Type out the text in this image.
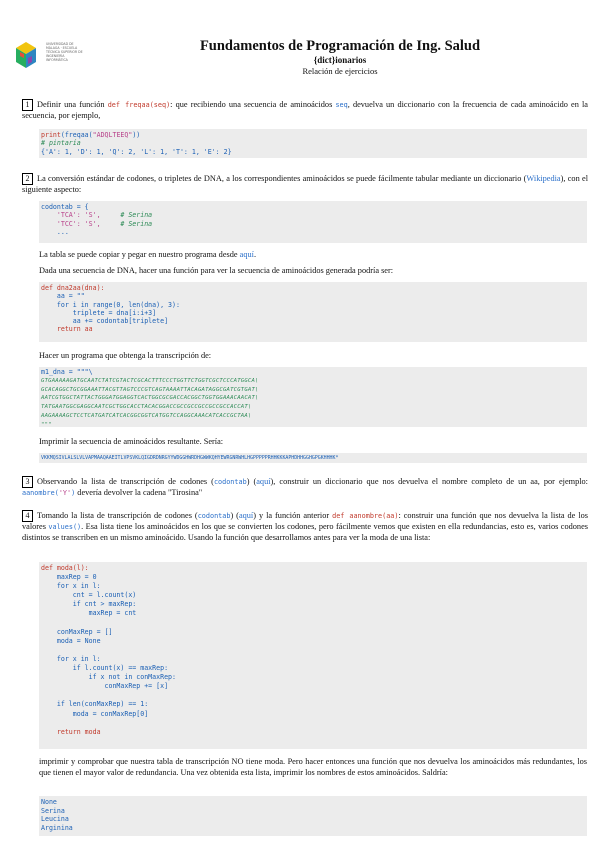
UNIVERSIDAD DE MÁLAGA · ESCUELA TÉCNICA SUPERIOR DE INGENIERÍA INFORMÁTICA
Fundamentos de Programación de Ing. Salud
{dict}ionarios
Relación de ejercicios
1 Definir una función def freqaa(seq): que recibiendo una secuencia de aminoácidos seq, devuelva un diccionario con la frecuencia de cada aminoácido en la secuencia, por ejemplo,
print(freqaa("ADQLTEEQ"))
# pintaría
{'A': 1, 'D': 1, 'Q': 2, 'L': 1, 'T': 1, 'E': 2}
2 La conversión estándar de codones, o tripletes de DNA, a los correspondientes aminoácidos se puede fácilmente tabular mediante un diccionario (Wikipedia), con el siguiente aspecto:
codontab = {
'TCA': 'S',     # Serina
'TCC': 'S',     # Serina
...
La tabla se puede copiar y pegar en nuestro programa desde aquí.
Dada una secuencia de DNA, hacer una función para ver la secuencia de aminoácidos generada podría ser:
def dna2aa(dna):
aa = ""
for i in range(0, len(dna), 3):
triplete = dna[i:i+3]
aa += codontab[triplete]
return aa
Hacer un programa que obtenga la transcripción de:
m1_dna = """\
GTGAAAAAGATGCAATCTATCGTACTCGCACTTTCCCTGGTTCTGGTCGCTCCCATGGCA\
GCACAGGCTGCGGAAATTACGTTAGTCCCGTCAGTAAAATTACAGATAGGCGATCGTGAT\
AATCGTGGCTATTACTGGGATGGAGGTCACTGGCGCGACCACGGCTGGTGGAAACAACAT\
TATGAATGGCGAGGCAATCGCTGGCACCTACACGGACCGCCGCCGCCGCCGCCACCAT\
AAGAAAAGCTCCTCATGATCATCACGGCGGTCATGGTCCAGGCAAACATCACCGCTAA\
"""
Imprimir la secuencia de aminoácidos resultante. Sería:
VKKMQSIVLALSLVLVAPMAAQAAEITLVPSVKLQIGDRDNRGYYWDGGHWRDHGWWKQHYEWRGNRWHLHGPPPPPRHHKKKAPHDHHGGHGPGKHHHK*
3 Observando la lista de transcripción de codones (codontab) (aquí), construir un diccionario que nos devuelva el nombre completo de un aa, por ejemplo: aanombre('Y') devería devolver la cadena "Tirosina"
4 Tomando la lista de transcripción de codones (codontab) (aquí) y la función anterior def aanombre(aa): construir una función que nos devuelva la lista de los valores values(). Esa lista tiene los aminoácidos en los que se convierten los codones, pero fácilmente vemos que existen en ella redundancias, esto es, varios codones distintos se transcriben en un mismo aminoácido. Usando la función que desarrollamos antes para ver la moda de una lista:
def moda(l):
maxRep = 0
for x in l:
cnt = l.count(x)
if cnt > maxRep:
maxRep = cnt

conMaxRep = []
moda = None

for x in l:
if l.count(x) == maxRep:
if x not in conMaxRep:
conMaxRep += [x]

if len(conMaxRep) == 1:
moda = conMaxRep[0]

return moda
imprimir y comprobar que nuestra tabla de transcripción NO tiene moda. Pero hacer entonces una función que nos devuelva los aminoácidos más redundantes, los que tienen el mayor valor de redundancia. Una vez obtenida esta lista, imprimir los nombres de estos aminoácidos. Saldría:
None
Serina
Leucina
Arginina
